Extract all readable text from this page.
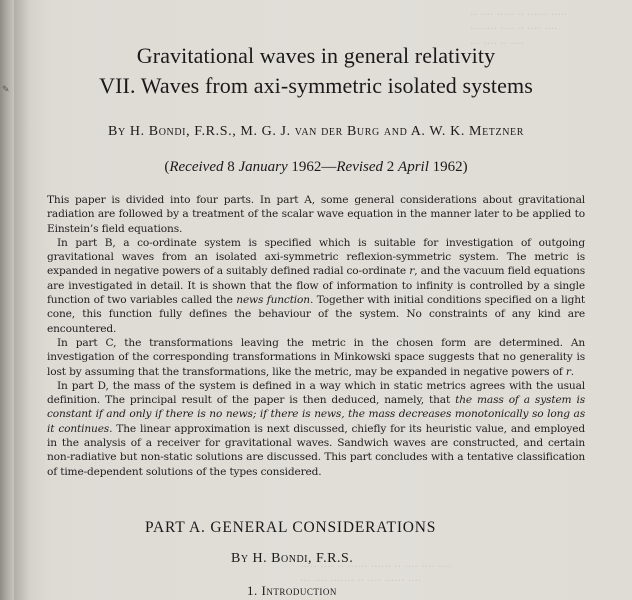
✎
·· ···· ····· ·· ······ ·····
········ ···· ·· ···· ····
··· ···· ·· ····
····· ···· ·· ······ ······ ·· ···· ···· ····
··· ···· ······· ·· ···· ······ ····
Gravitational waves in general relativity
VII. Waves from axi-symmetric isolated systems
By H. Bondi, F.R.S., M. G. J. van der Burg and A. W. K. Metzner
(Received 8 January 1962—Revised 2 April 1962)

This paper is divided into four parts. In part A, some general considerations about gravitational radiation are followed by a treatment of the scalar wave equation in the manner later to be applied to Einstein’s field equations.

In part B, a co-ordinate system is specified which is suitable for investigation of outgoing gravitational waves from an isolated axi-symmetric reflexion-symmetric system. The metric is expanded in negative powers of a suitably defined radial co-ordinate r, and the vacuum field equations are investigated in detail. It is shown that the flow of information to infinity is controlled by a single function of two variables called the news function. Together with initial conditions specified on a light cone, this function fully defines the behaviour of the system. No constraints of any kind are encountered.

In part C, the transformations leaving the metric in the chosen form are determined. An investigation of the corresponding transformations in Minkowski space suggests that no generality is lost by assuming that the transformations, like the metric, may be expanded in negative powers of r.

In part D, the mass of the system is defined in a way which in static metrics agrees with the usual definition. The principal result of the paper is then deduced, namely, that the mass of a system is constant if and only if there is no news; if there is news, the mass decreases monotonically so long as it continues. The linear approximation is next discussed, chiefly for its heuristic value, and employed in the analysis of a receiver for gravitational waves. Sandwich waves are constructed, and certain non-radiative but non-static solutions are discussed. This part concludes with a tentative classification of time-dependent solutions of the types considered.

PART A. GENERAL CONSIDERATIONS
By H. Bondi, F.R.S.
1. Introduction
